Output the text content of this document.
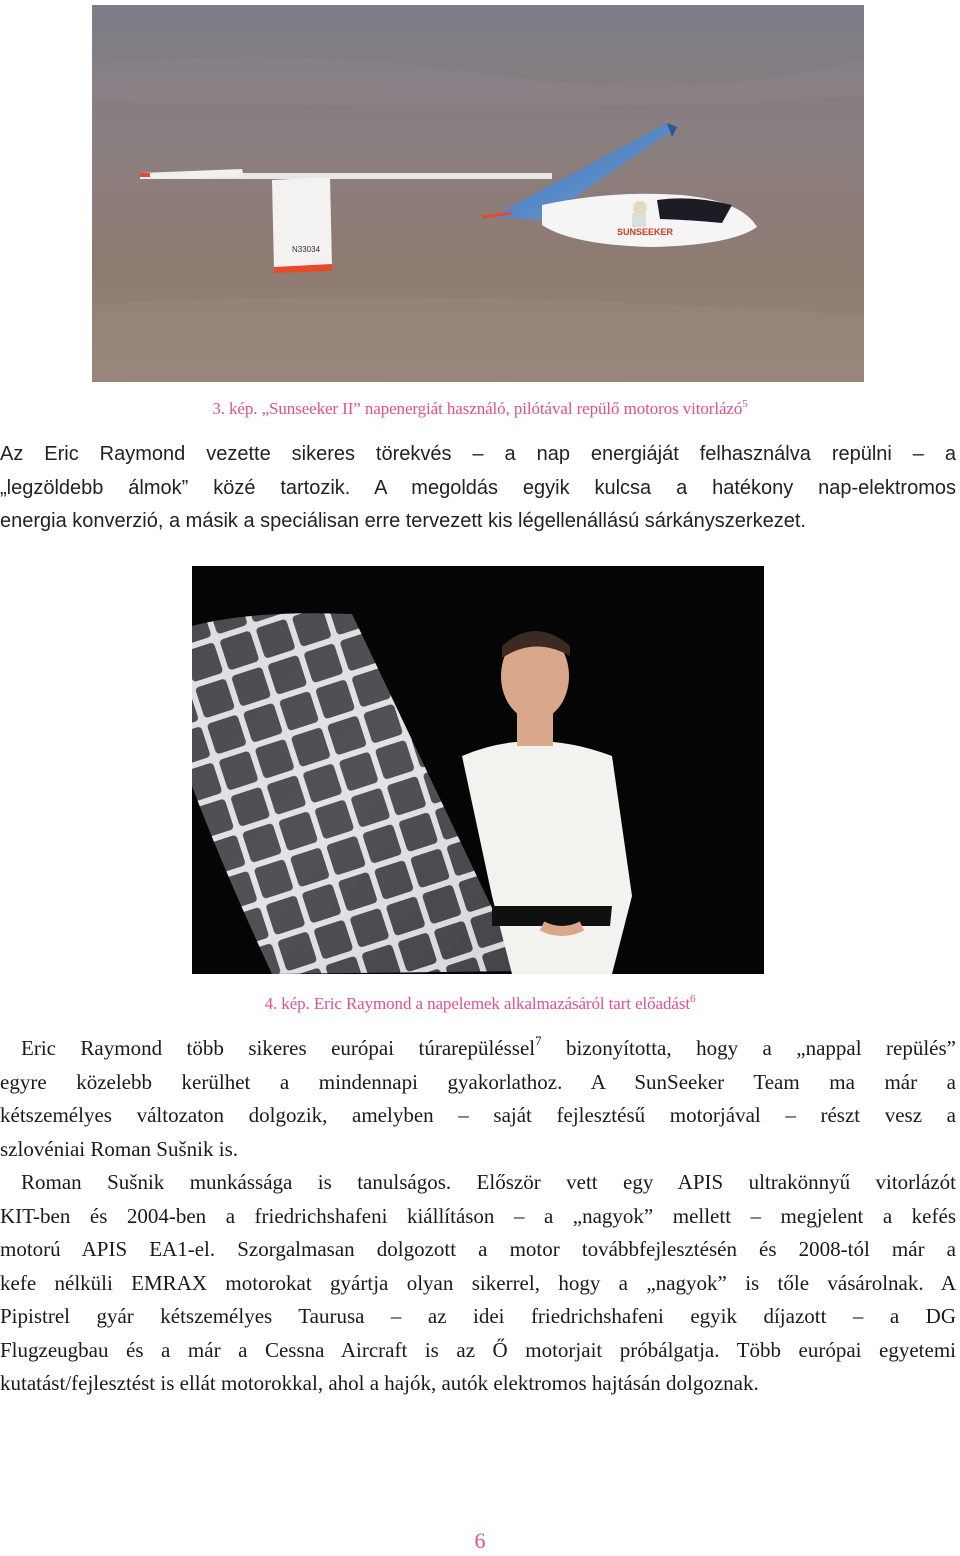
N33034
SUNSEEKER
3. kép. „Sunseeker II” napenergiát használó, pilótával repülő motoros vitorlázó$^5$
Az Eric Raymond vezette sikeres törekvés – a nap energiáját felhasználva repülni – a
„legzöldebb álmok” közé tartozik. A megoldás egyik kulcsa a hatékony nap-elektromos
energia konverzió, a másik a speciálisan erre tervezett kis légellenállású sárkányszerkezet.
4. kép. Eric Raymond a napelemek alkalmazásáról tart előadást$^6$
 Eric Raymond több sikeres európai túrarepüléssel$^7$ bizonyította, hogy a „nappal repülés”
egyre közelebb kerülhet a mindennapi gyakorlathoz. A SunSeeker Team ma már a
kétszemélyes változaton dolgozik, amelyben – saját fejlesztésű motorjával – részt vesz a
szlovéniai Roman Sušnik is.
 Roman Sušnik munkássága is tanulságos. Először vett egy APIS ultrakönnyű vitorlázót
KIT-ben és 2004-ben a friedrichshafeni kiállításon – a „nagyok” mellett – megjelent a kefés
motorú APIS EA1-el. Szorgalmasan dolgozott a motor továbbfejlesztésén és 2008-tól már a
kefe nélküli EMRAX motorokat gyártja olyan sikerrel, hogy a „nagyok” is tőle vásárolnak. A
Pipistrel gyár kétszemélyes Taurusa – az idei friedrichshafeni egyik díjazott – a DG
Flugzeugbau és a már a Cessna Aircraft is az Ő motorjait próbálgatja. Több európai egyetemi
kutatást/fejlesztést is ellát motorokkal, ahol a hajók, autók elektromos hajtásán dolgoznak.
6
